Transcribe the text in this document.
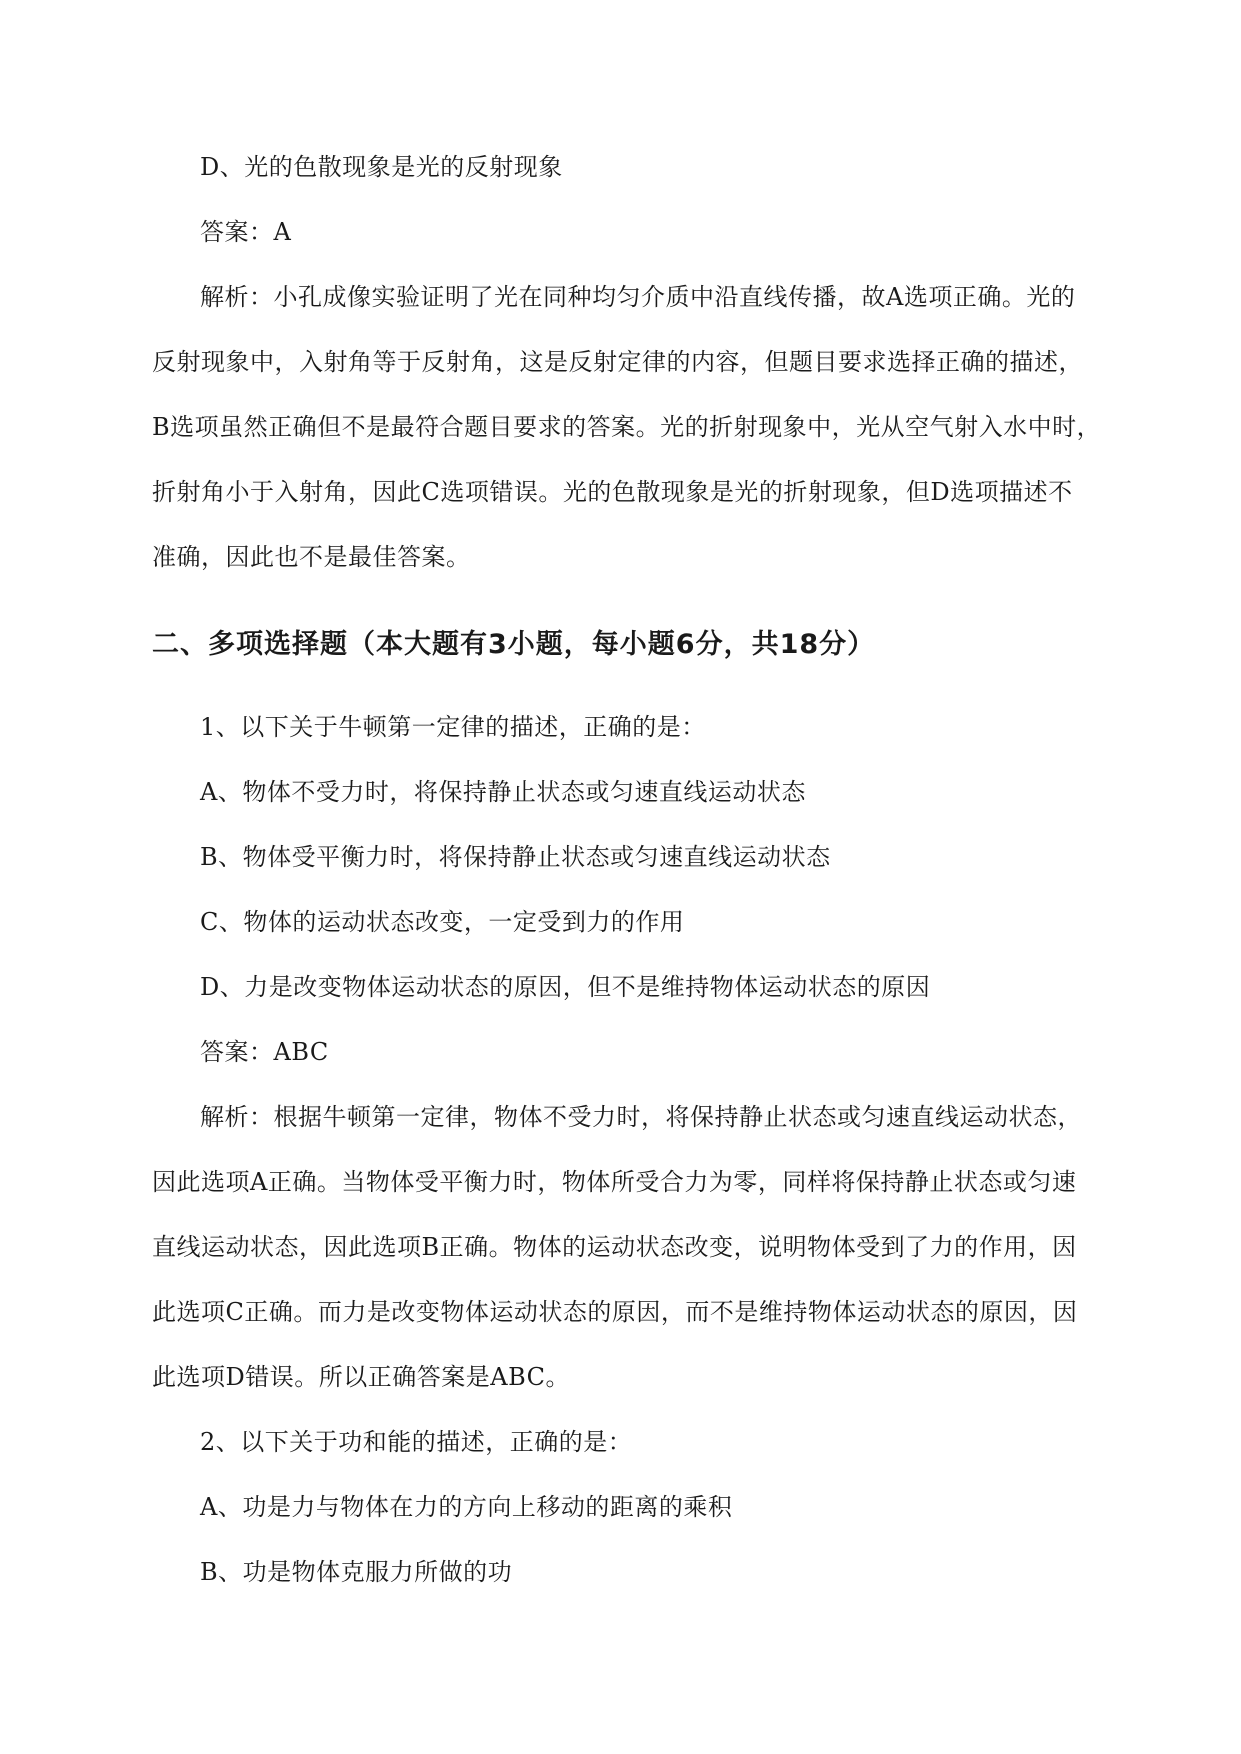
D、光的色散现象是光的反射现象
答案：A
解析：小孔成像实验证明了光在同种均匀介质中沿直线传播，故A选项正确。光的
反射现象中，入射角等于反射角，这是反射定律的内容，但题目要求选择正确的描述，
B选项虽然正确但不是最符合题目要求的答案。光的折射现象中，光从空气射入水中时，
折射角小于入射角，因此C选项错误。光的色散现象是光的折射现象，但D选项描述不
准确，因此也不是最佳答案。
二、多项选择题（本大题有3小题，每小题6分，共18分）
1、以下关于牛顿第一定律的描述，正确的是：
A、物体不受力时，将保持静止状态或匀速直线运动状态
B、物体受平衡力时，将保持静止状态或匀速直线运动状态
C、物体的运动状态改变，一定受到力的作用
D、力是改变物体运动状态的原因，但不是维持物体运动状态的原因
答案：ABC
解析：根据牛顿第一定律，物体不受力时，将保持静止状态或匀速直线运动状态，
因此选项A正确。当物体受平衡力时，物体所受合力为零，同样将保持静止状态或匀速
直线运动状态，因此选项B正确。物体的运动状态改变，说明物体受到了力的作用，因
此选项C正确。而力是改变物体运动状态的原因，而不是维持物体运动状态的原因，因
此选项D错误。所以正确答案是ABC。
2、以下关于功和能的描述，正确的是：
A、功是力与物体在力的方向上移动的距离的乘积
B、功是物体克服力所做的功
